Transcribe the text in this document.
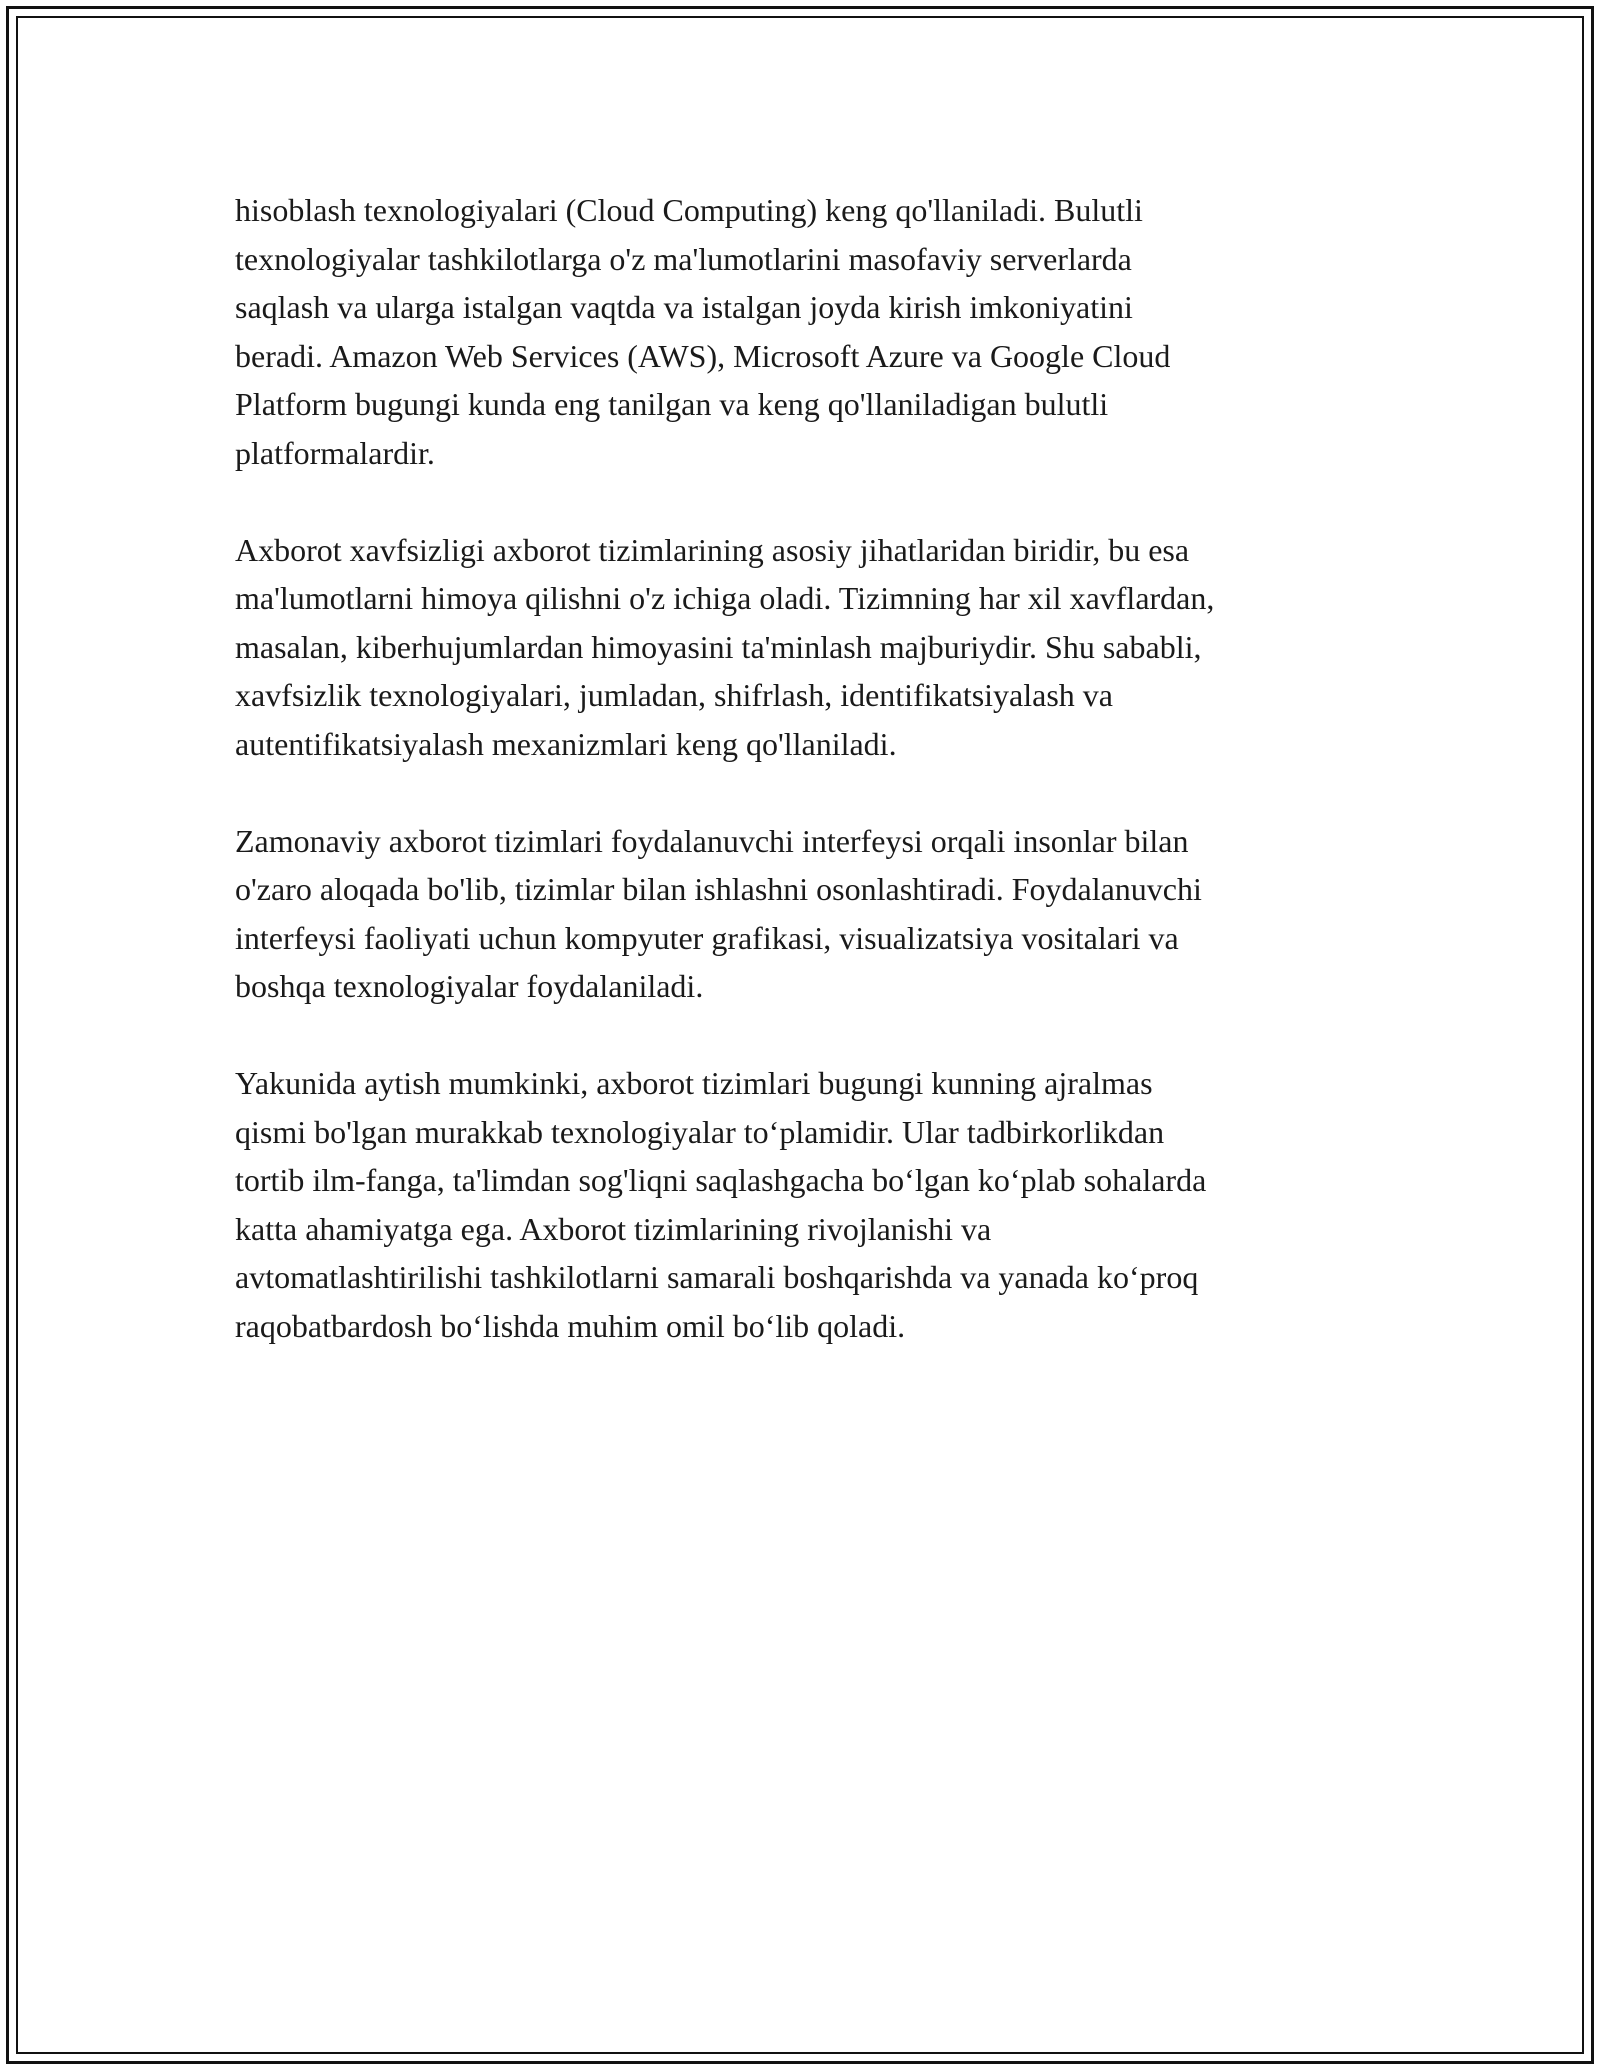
hisoblash texnologiyalari (Cloud Computing) keng qo'llaniladi. Bulutli
texnologiyalar tashkilotlarga o'z ma'lumotlarini masofaviy serverlarda
saqlash va ularga istalgan vaqtda va istalgan joyda kirish imkoniyatini
beradi. Amazon Web Services (AWS), Microsoft Azure va Google Cloud
Platform bugungi kunda eng tanilgan va keng qo'llaniladigan bulutli
platformalardir.

Axborot xavfsizligi axborot tizimlarining asosiy jihatlaridan biridir, bu esa
ma'lumotlarni himoya qilishni o'z ichiga oladi. Tizimning har xil xavflardan,
masalan, kiberhujumlardan himoyasini ta'minlash majburiydir. Shu sababli,
xavfsizlik texnologiyalari, jumladan, shifrlash, identifikatsiyalash va
autentifikatsiyalash mexanizmlari keng qo'llaniladi.

Zamonaviy axborot tizimlari foydalanuvchi interfeysi orqali insonlar bilan
o'zaro aloqada bo'lib, tizimlar bilan ishlashni osonlashtiradi. Foydalanuvchi
interfeysi faoliyati uchun kompyuter grafikasi, visualizatsiya vositalari va
boshqa texnologiyalar foydalaniladi.

Yakunida aytish mumkinki, axborot tizimlari bugungi kunning ajralmas
qismi bo'lgan murakkab texnologiyalar to‘plamidir. Ular tadbirkorlikdan
tortib ilm-fanga, ta'limdan sog'liqni saqlashgacha bo‘lgan ko‘plab sohalarda
katta ahamiyatga ega. Axborot tizimlarining rivojlanishi va
avtomatlashtirilishi tashkilotlarni samarali boshqarishda va yanada ko‘proq
raqobatbardosh bo‘lishda muhim omil bo‘lib qoladi.
